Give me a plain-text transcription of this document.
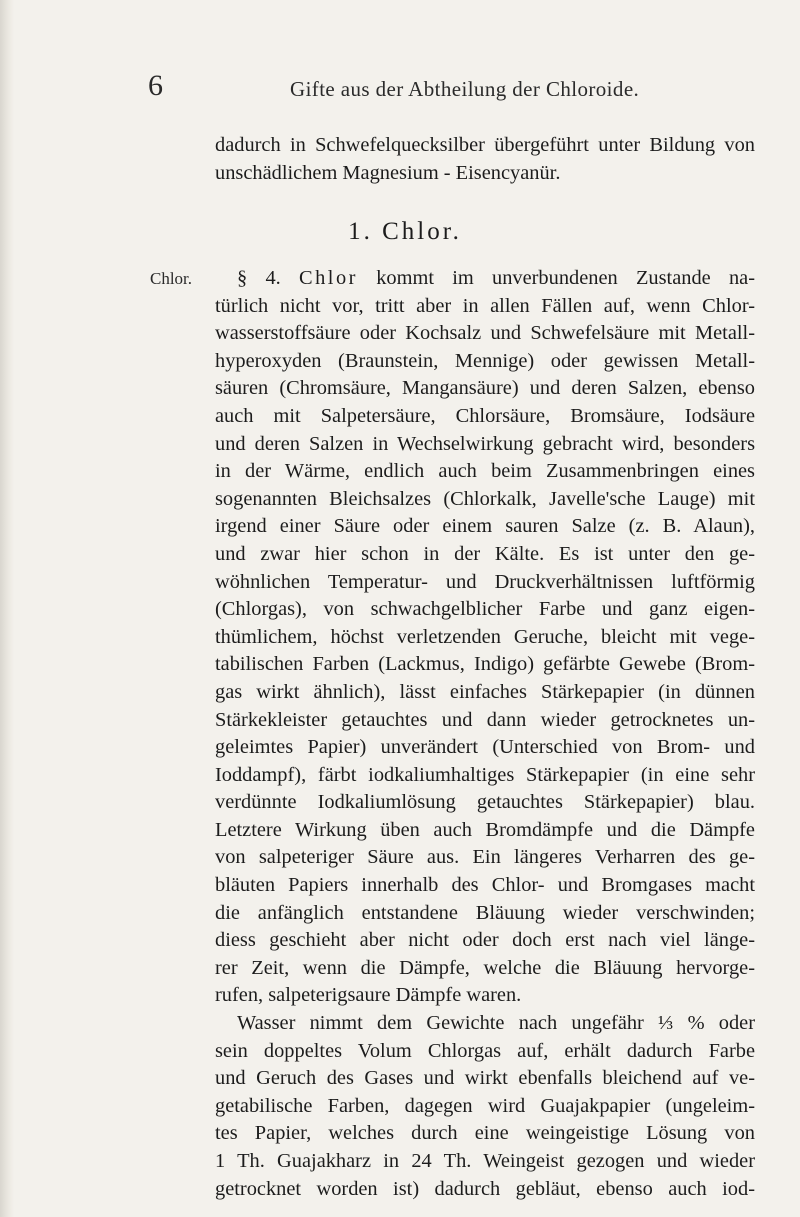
6	Gifte aus der Abtheilung der Chloroide.
dadurch in Schwefelquecksilber übergeführt unter Bildung von
unschädlichem Magnesium - Eisencyanür.
1. Chlor.
Chlor.	§ 4. Chlor kommt im unverbundenen Zustande na-
türlich nicht vor, tritt aber in allen Fällen auf, wenn Chlor-
wasserstoffsäure oder Kochsalz und Schwefelsäure mit Metall-
hyperoxyden (Braunstein, Mennige) oder gewissen Metall-
säuren (Chromsäure, Mangansäure) und deren Salzen, ebenso
auch mit Salpetersäure, Chlorsäure, Bromsäure, Iodsäure
und deren Salzen in Wechselwirkung gebracht wird, besonders
in der Wärme, endlich auch beim Zusammenbringen eines
sogenannten Bleichsalzes (Chlorkalk, Javelle'sche Lauge) mit
irgend einer Säure oder einem sauren Salze (z. B. Alaun),
und zwar hier schon in der Kälte. Es ist unter den ge-
wöhnlichen Temperatur- und Druckverhältnissen luftförmig
(Chlorgas), von schwachgelblicher Farbe und ganz eigen-
thümlichem, höchst verletzenden Geruche, bleicht mit vege-
tabilischen Farben (Lackmus, Indigo) gefärbte Gewebe (Brom-
gas wirkt ähnlich), lässt einfaches Stärkepapier (in dünnen
Stärkekleister getauchtes und dann wieder getrocknetes un-
geleimtes Papier) unverändert (Unterschied von Brom- und
Ioddampf), färbt iodkaliumhaltiges Stärkepapier (in eine sehr
verdünnte Iodkaliumlösung getauchtes Stärkepapier) blau.
Letztere Wirkung üben auch Bromdämpfe und die Dämpfe
von salpeteriger Säure aus. Ein längeres Verharren des ge-
bläuten Papiers innerhalb des Chlor- und Bromgases macht
die anfänglich entstandene Bläuung wieder verschwinden;
diess geschieht aber nicht oder doch erst nach viel länge-
rer Zeit, wenn die Dämpfe, welche die Bläuung hervorge-
rufen, salpeterigsaure Dämpfe waren.
Wasser nimmt dem Gewichte nach ungefähr ⅓ % oder
sein doppeltes Volum Chlorgas auf, erhält dadurch Farbe
und Geruch des Gases und wirkt ebenfalls bleichend auf ve-
getabilische Farben, dagegen wird Guajakpapier (ungeleim-
tes Papier, welches durch eine weingeistige Lösung von
1 Th. Guajakharz in 24 Th. Weingeist gezogen und wieder
getrocknet worden ist) dadurch gebläut, ebenso auch iod-
